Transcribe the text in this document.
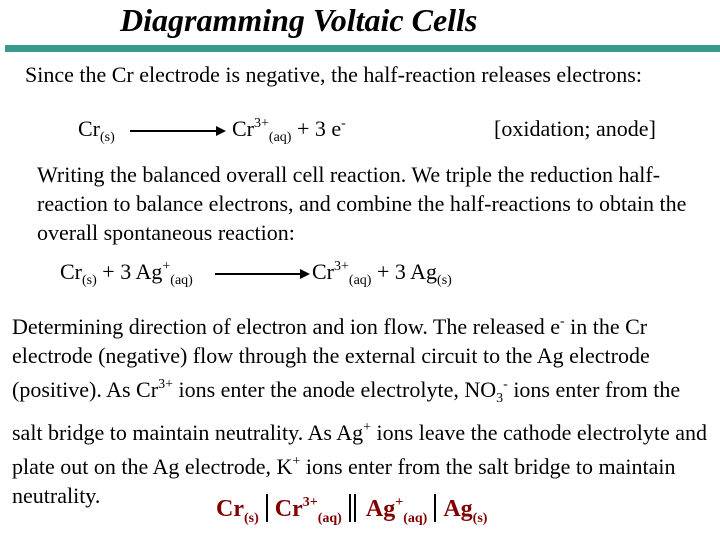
Diagramming Voltaic Cells
Since the Cr electrode is negative, the half-reaction releases electrons:
$Cr_{(s)}$	$Cr^{3+}_{(aq)} + 3$ e-	[oxidation; anode]
Writing the balanced overall cell reaction. We triple the reduction half-reaction to balance electrons, and combine the half-reactions to obtain the overall spontaneous reaction:
$Cr_{(s)} + 3$ $Ag^+_{(aq)}$	$Cr^{3+}_{(aq)} + 3$ $Ag_{(s)}$
Determining direction of electron and ion flow. The released e- in the Cr electrode (negative) flow through the external circuit to the Ag electrode (positive). As $Cr^{3+}$ ions enter the anode electrolyte, $NO_3^-$ ions enter from the salt bridge to maintain neutrality. As Ag+ ions leave the cathode electrolyte and plate out on the Ag electrode, K+ ions enter from the salt bridge to maintain neutrality.
$Cr_{(s)}$ $Cr^{3+}_{(aq)}$ $Ag^+_{(aq)}$ $Ag_{(s)}$
